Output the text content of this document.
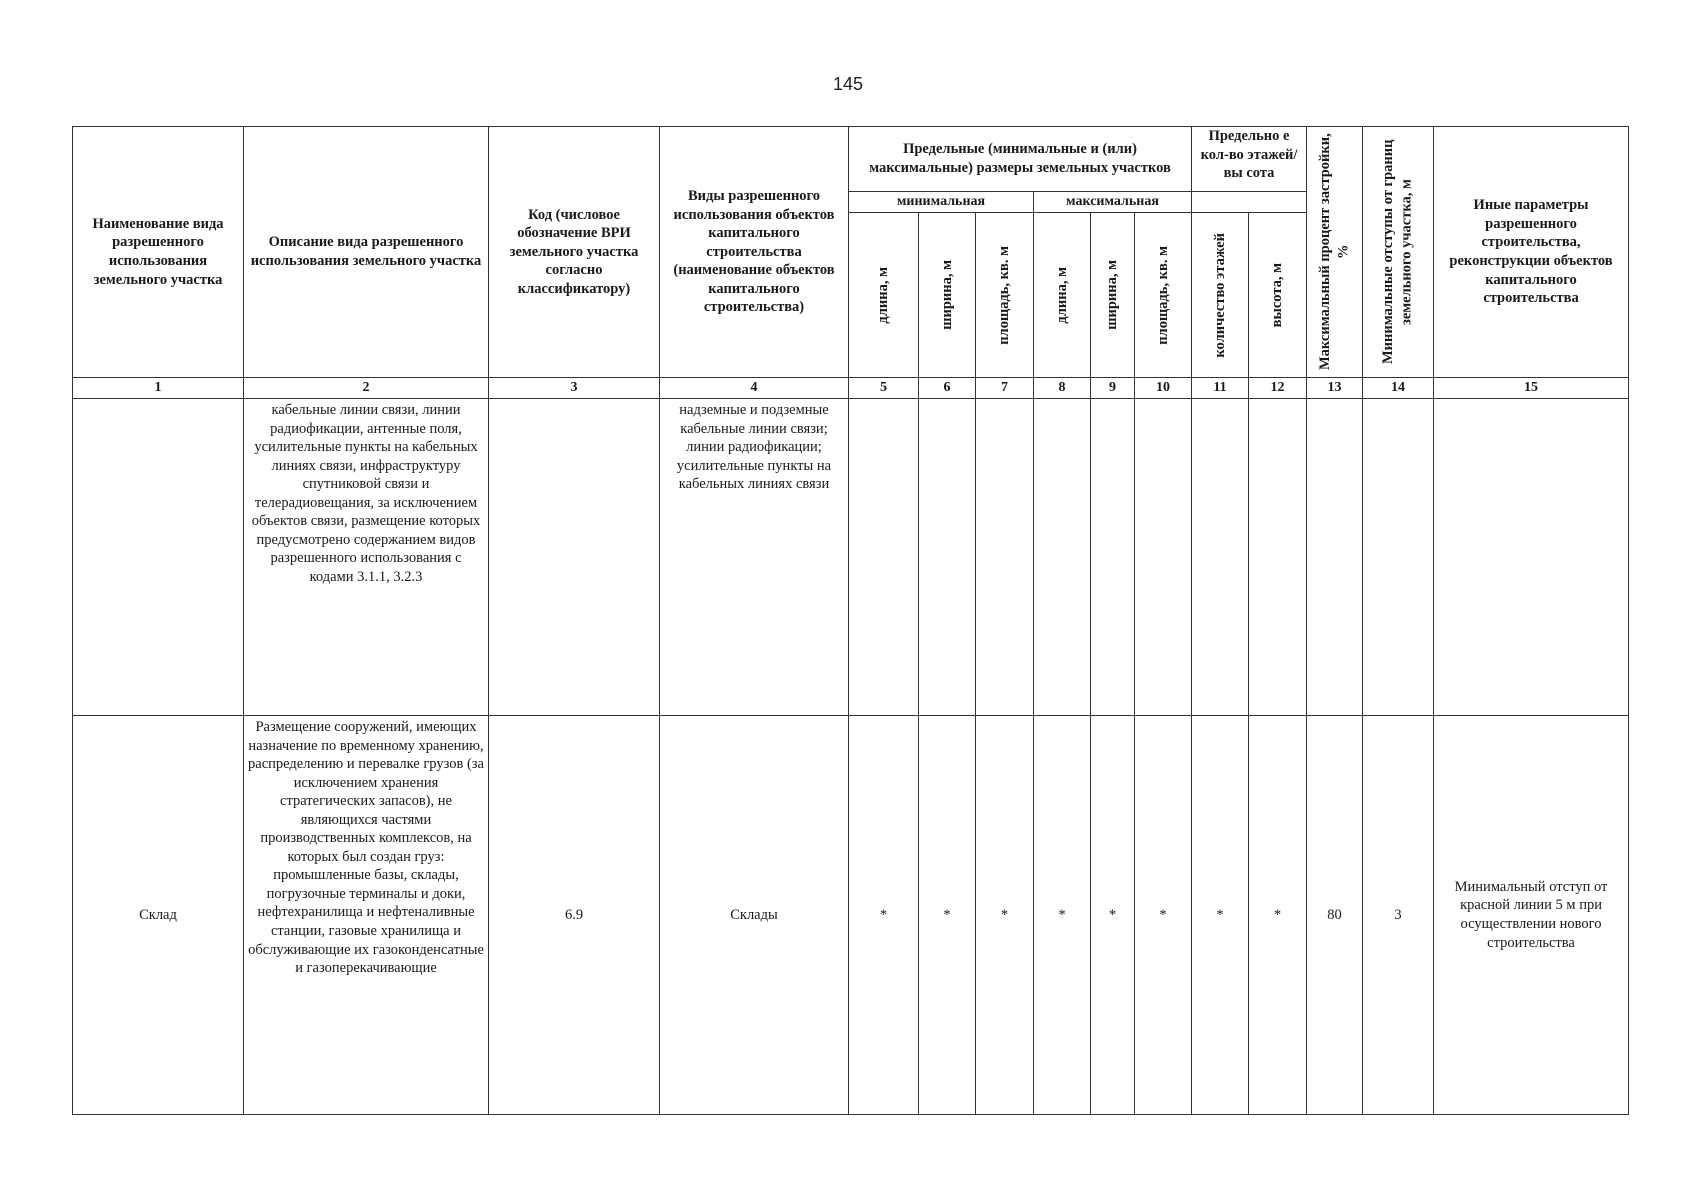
145
Наименование вида разрешенного использования земельного участка	Описание вида разрешенного использования земельного участка	Код (числовое обозначение ВРИ земельного участка согласно классификатору)	Виды разрешенного использования объектов капитального строительства (наименование объектов капитального строительства)	Предельные (минимальные и (или) максимальные) размеры земельных участков						Предельно е кол-во этажей/вы сота		Максимальный процент застройки, %	Минимальные отступы от границ земельного участка, м	Иные параметры разрешенного строительства, реконструкции объектов капитального строительства
				минимальная			максимальная							

				длина, м	ширина, м	площадь, кв. м	длина, м	ширина, м	площадь, кв. м	количество этажей	высота, м			

1	2	3	4	5	6	7	8	9	10	11	12	13	14	15
	кабельные линии связи, линии радиофикации, антенные поля, усилительные пункты на кабельных линиях связи, инфраструктуру спутниковой связи и телерадиовещания, за исключением объектов связи, размещение которых предусмотрено содержанием видов разрешенного использования с кодами 3.1.1, 3.2.3		надземные и подземные кабельные линии связи; линии радиофикации; усилительные пункты на кабельных линиях связи											
Склад	Размещение сооружений, имеющих назначение по временному хранению, распределению и перевалке грузов (за исключением хранения стратегических запасов), не являющихся частями производственных комплексов, на которых был создан груз: промышленные базы, склады, погрузочные терминалы и доки, нефтехранилища и нефтеналивные станции, газовые хранилища и обслуживающие их газоконденсатные и газоперекачивающие	6.9	Склады	*	*	*	*	*	*	*	*	80	3	Минимальный отступ от красной линии 5 м при осуществлении нового строительства
